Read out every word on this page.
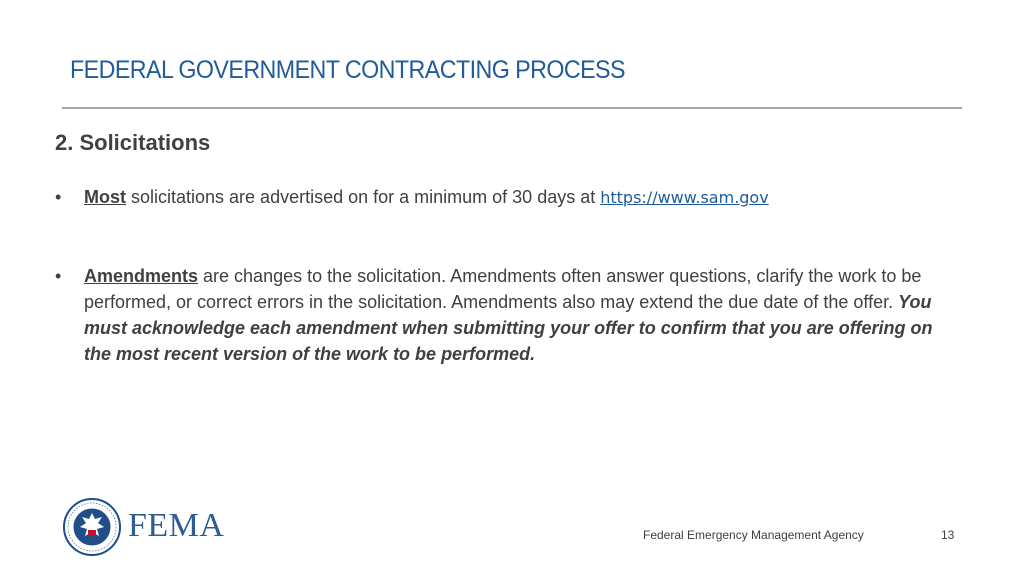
FEDERAL GOVERNMENT CONTRACTING PROCESS
2. Solicitations
• Most solicitations are advertised on for a minimum of 30 days at https://www.sam.gov
• Amendments are changes to the solicitation. Amendments often answer questions, clarify the work to be performed, or correct errors in the solicitation. Amendments also may extend the due date of the offer. You must acknowledge each amendment when submitting your offer to confirm that you are offering on the most recent version of the work to be performed.
FEMA	Federal Emergency Management Agency	13
